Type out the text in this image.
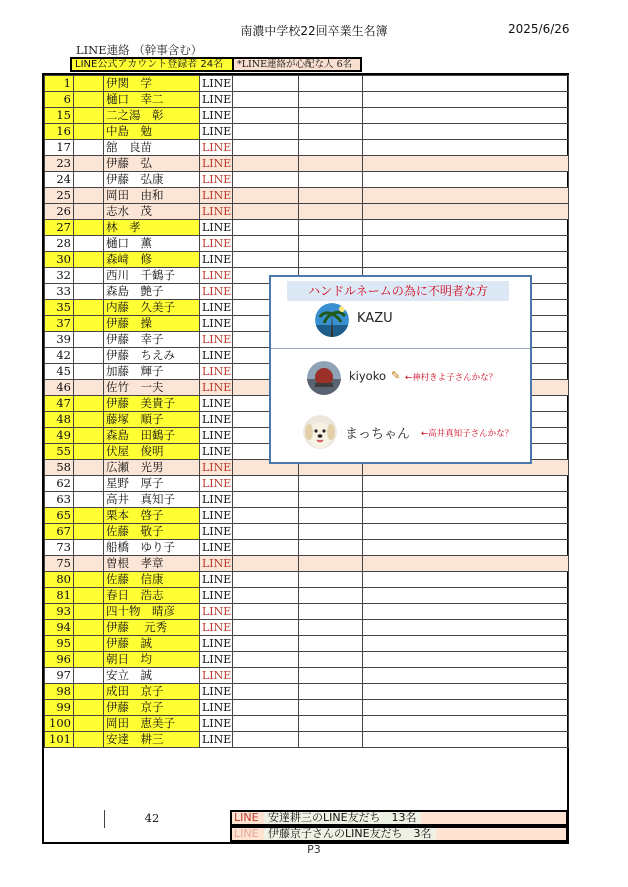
南濃中学校22回卒業生名簿	2025/6/26
LINE連絡 （幹事含む）
LINE公式アカウント登録者 24名	*LINE連絡が心配な人 6名
1		伊関　学	LINE			
6		樋口　幸二	LINE			
15		二之湯　彰	LINE			
16		中島　勉	LINE			
17		舘　良苗	LINE			
23		伊藤　弘	LINE			
24		伊藤　弘康	LINE			
25		岡田　由和	LINE			
26		志水　茂	LINE			
27		林　孝	LINE			
28		樋口　薫	LINE			
30		森﨑　修	LINE			
32		西川　千鶴子	LINE			
33		森島　艶子	LINE			
35		内藤　久美子	LINE			
37		伊藤　操	LINE			
39		伊藤　幸子	LINE			
42		伊藤　ちえみ	LINE			
45		加藤　輝子	LINE			
46		佐竹　一夫	LINE			
47		伊藤　美貴子	LINE			
48		藤塚　順子	LINE			
49		森島　田鶴子	LINE			
55		伏屋　俊明	LINE			
58		広瀬　光男	LINE			
62		星野　厚子	LINE			
63		高井　真知子	LINE			
65		栗本　啓子	LINE			
67		佐藤　敬子	LINE			
73		船橋　ゆり子	LINE			
75		曽根　孝章	LINE			
80		佐藤　信康	LINE			
81		春日　浩志	LINE			
93		四十物　晴彦	LINE			
94		伊藤　 元秀	LINE			
95		伊藤　誠	LINE			
96		朝日　均	LINE			
97		安立　誠	LINE			
98		成田　京子	LINE			
99		伊藤　京子	LINE			
100		岡田　恵美子	LINE			
101		安達　耕三	LINE			
42	LINE 安達耕三のLINE友だち　13名
LINE 伊藤京子さんのLINE友だち　3名
P3
ハンドルネームの為に不明者な方
KAZU
kiyoko ✎ ←神村きよ子さんかな？
まっちゃん ←高井真知子さんかな？
